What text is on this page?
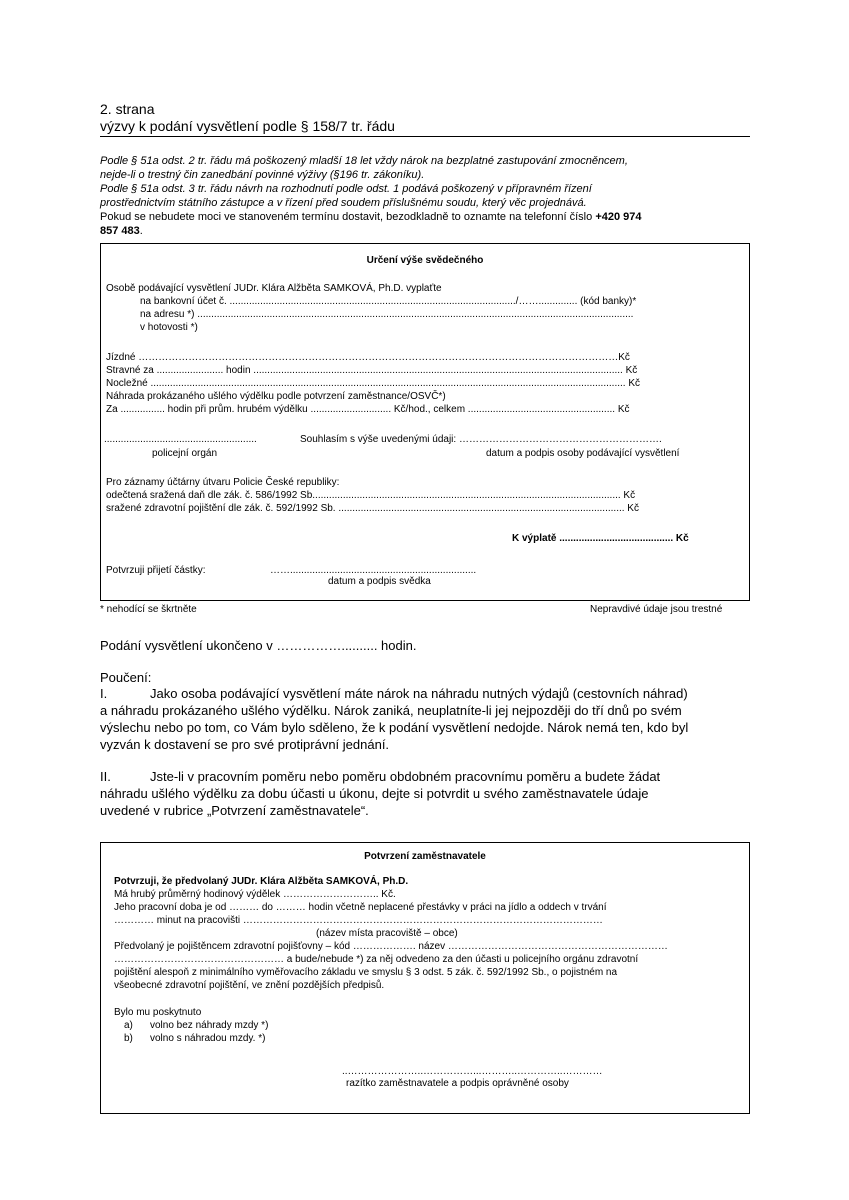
2. strana
výzvy k podání vysvětlení podle § 158/7 tr. řádu
Podle § 51a odst. 2 tr. řádu má poškozený mladší 18 let vždy nárok na bezplatné zastupování zmocněncem,
nejde-li o trestný čin zanedbání povinné výživy (§196 tr. zákoníku).
Podle § 51a odst. 3 tr. řádu návrh na rozhodnutí podle odst. 1 podává poškozený v přípravném řízení
prostřednictvím státního zástupce a v řízení před soudem příslušnému soudu, který věc projednává.
Pokud se nebudete moci ve stanoveném termínu dostavit, bezodkladně to oznamte na telefonní číslo +420 974
857 483.
Určení výše svědečného
Osobě podávající vysvětlení JUDr. Klára Alžběta SAMKOVÁ, Ph.D. vyplaťte
na bankovní účet č. ......................................................................................................./…….............. (kód banky)*
na adresu *) .............................................................................................................................................................
v hotovosti *)
Jízdné ………………………………………………………………………………………………………………………………Kč
Stravné za ........................ hodin ..................................................................................................................................... Kč
Nocležné ........................................................................................................................................................................... Kč
Náhrada prokázaného ušlého výdělku podle potvrzení zaměstnance/OSVČ*)
Za ................ hodin při prům. hrubém výdělku ............................. Kč/hod., celkem ..................................................... Kč
.......................................................	Souhlasím s výše uvedenými údaji: …………………………………………………….
policejní orgán	datum a podpis osoby podávající vysvětlení
Pro záznamy účtárny útvaru Policie České republiky:
odečtená sražená daň dle zák. č. 586/1992 Sb............................................................................................................... Kč
sražené zdravotní pojištění dle zák. č. 592/1992 Sb. ....................................................................................................... Kč
K výplatě ......................................... Kč
Potvrzuji přijetí částky:	……...................................................................
datum a podpis svědka
* nehodící se škrtněte	Nepravdivé údaje jsou trestné
Podání vysvětlení ukončeno v …………….......... hodin.
Poučení:
I.	Jako osoba podávající vysvětlení máte nárok na náhradu nutných výdajů (cestovních náhrad)
a náhradu prokázaného ušlého výdělku. Nárok zaniká, neuplatníte-li jej nejpozději do tří dnů po svém
výslechu nebo po tom, co Vám bylo sděleno, že k podání vysvětlení nedojde. Nárok nemá ten, kdo byl
vyzván k dostavení se pro své protiprávní jednání.
II.	Jste-li v pracovním poměru nebo poměru obdobném pracovnímu poměru a budete žádat
náhradu ušlého výdělku za dobu účasti u úkonu, dejte si potvrdit u svého zaměstnavatele údaje
uvedené v rubrice „Potvrzení zaměstnavatele“.
Potvrzení zaměstnavatele
Potvrzuji, že předvolaný JUDr. Klára Alžběta SAMKOVÁ, Ph.D.
Má hrubý průměrný hodinový výdělek ……………………….. Kč.
Jeho pracovní doba je od ……… do ……… hodin včetně neplacené přestávky v práci na jídlo a oddech v trvání
………… minut na pracovišti ………………………………………………………………………………………………
(název místa pracoviště – obce)
Předvolaný je pojištěncem zdravotní pojišťovny – kód ………………. název …………………………………………………………
…………………………………………… a bude/nebude *) za něj odvedeno za den účasti u policejního orgánu zdravotní
pojištění alespoň z minimálního vyměřovacího základu ve smyslu § 3 odst. 5 zák. č. 592/1992 Sb., o pojistném na
všeobecné zdravotní pojištění, ve znění pozdějších předpisů.
Bylo mu poskytnuto
a) volno bez náhrady mzdy *)
b) volno s náhradou mzdy. *)
..…………………..……………...………..…………..…………
razítko zaměstnavatele a podpis oprávněné osoby
